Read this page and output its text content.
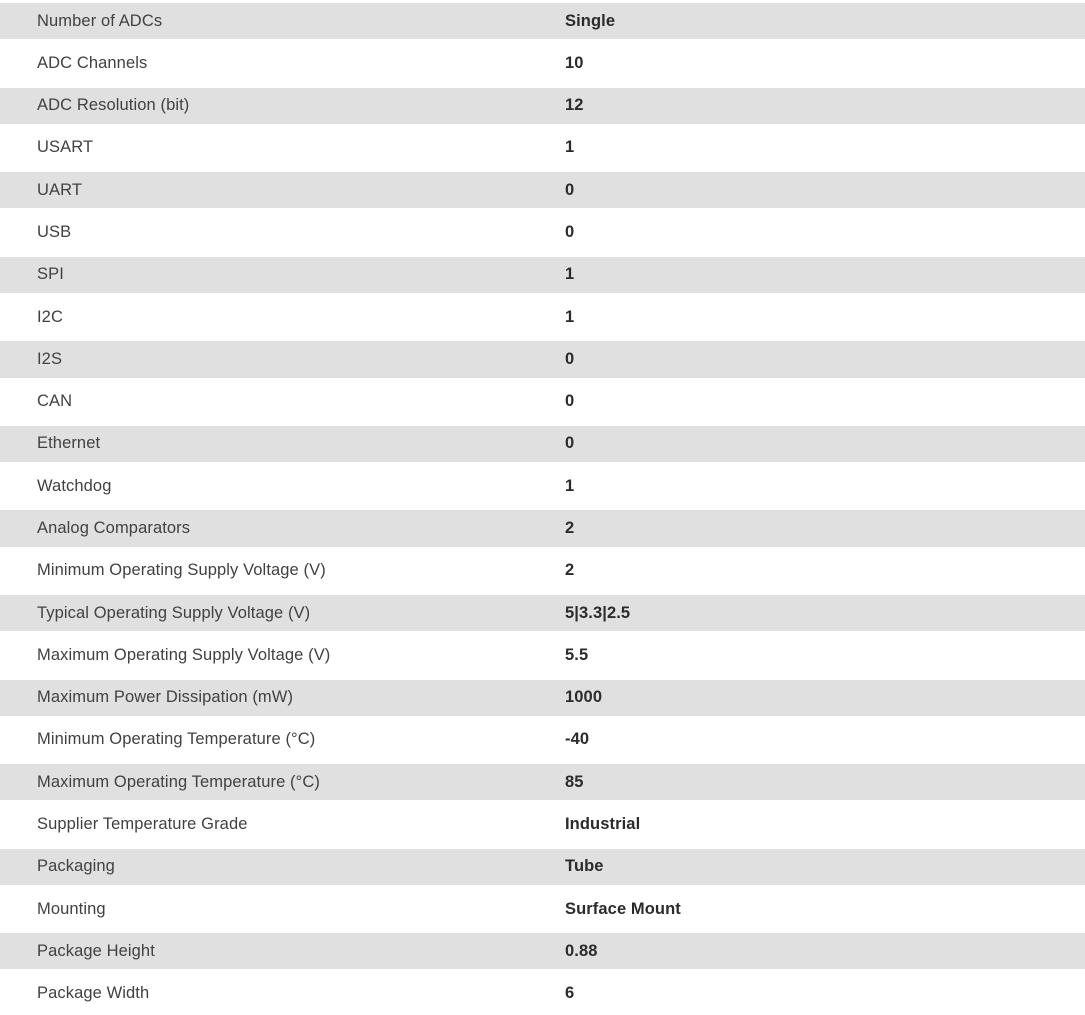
Number of ADCs	Single
ADC Channels	10
ADC Resolution (bit)	12
USART	1
UART	0
USB	0
SPI	1
I2C	1
I2S	0
CAN	0
Ethernet	0
Watchdog	1
Analog Comparators	2
Minimum Operating Supply Voltage (V)	2
Typical Operating Supply Voltage (V)	5|3.3|2.5
Maximum Operating Supply Voltage (V)	5.5
Maximum Power Dissipation (mW)	1000
Minimum Operating Temperature (°C)	-40
Maximum Operating Temperature (°C)	85
Supplier Temperature Grade	Industrial
Packaging	Tube
Mounting	Surface Mount
Package Height	0.88
Package Width	6
